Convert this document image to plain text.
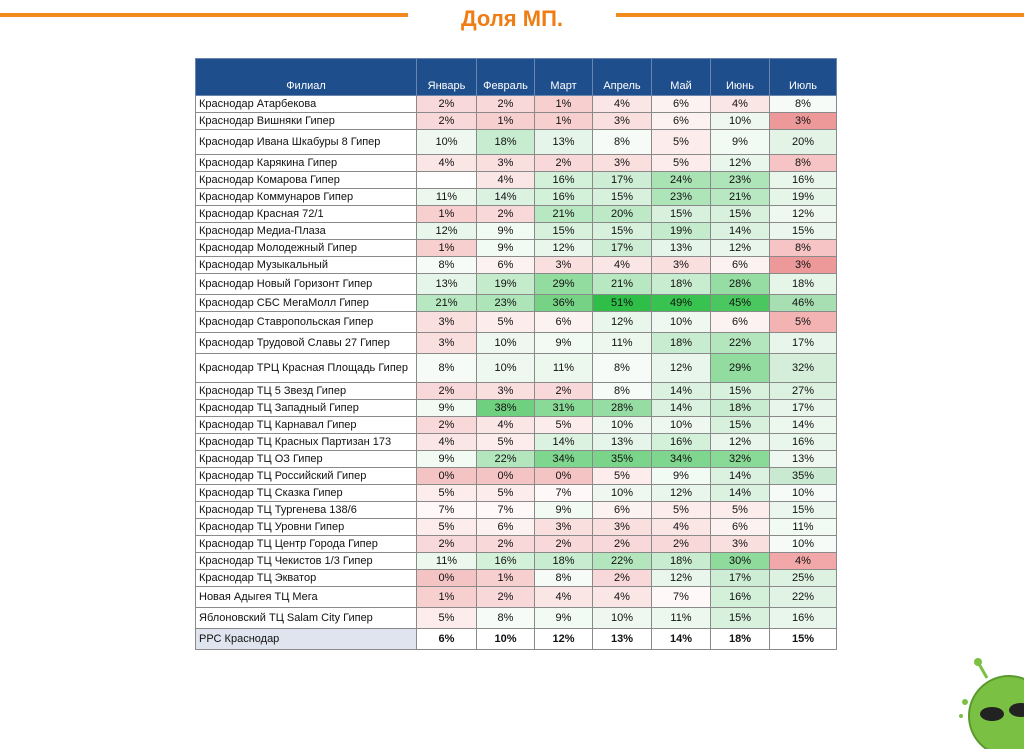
Доля МП.
Филиал	Январь	Февраль	Март	Апрель	Май	Июнь	Июль
Краснодар Атарбекова	2%	2%	1%	4%	6%	4%	8%
Краснодар Вишняки Гипер	2%	1%	1%	3%	6%	10%	3%
Краснодар Ивана Шкабуры 8 Гипер	10%	18%	13%	8%	5%	9%	20%
Краснодар Карякина Гипер	4%	3%	2%	3%	5%	12%	8%
Краснодар Комарова Гипер		4%	16%	17%	24%	23%	16%
Краснодар Коммунаров Гипер	11%	14%	16%	15%	23%	21%	19%
Краснодар Красная 72/1	1%	2%	21%	20%	15%	15%	12%
Краснодар Медиа-Плаза	12%	9%	15%	15%	19%	14%	15%
Краснодар Молодежный Гипер	1%	9%	12%	17%	13%	12%	8%
Краснодар Музыкальный	8%	6%	3%	4%	3%	6%	3%
Краснодар Новый Горизонт Гипер	13%	19%	29%	21%	18%	28%	18%
Краснодар СБС МегаМолл Гипер	21%	23%	36%	51%	49%	45%	46%
Краснодар Ставропольская Гипер	3%	5%	6%	12%	10%	6%	5%
Краснодар Трудовой Славы 27 Гипер	3%	10%	9%	11%	18%	22%	17%
Краснодар ТРЦ Красная Площадь Гипер	8%	10%	11%	8%	12%	29%	32%
Краснодар ТЦ 5 Звезд Гипер	2%	3%	2%	8%	14%	15%	27%
Краснодар ТЦ Западный Гипер	9%	38%	31%	28%	14%	18%	17%
Краснодар ТЦ Карнавал Гипер	2%	4%	5%	10%	10%	15%	14%
Краснодар ТЦ Красных Партизан 173	4%	5%	14%	13%	16%	12%	16%
Краснодар ТЦ ОЗ Гипер	9%	22%	34%	35%	34%	32%	13%
Краснодар ТЦ Российский Гипер	0%	0%	0%	5%	9%	14%	35%
Краснодар ТЦ Сказка Гипер	5%	5%	7%	10%	12%	14%	10%
Краснодар ТЦ Тургенева 138/6	7%	7%	9%	6%	5%	5%	15%
Краснодар ТЦ Уровни Гипер	5%	6%	3%	3%	4%	6%	11%
Краснодар ТЦ Центр Города Гипер	2%	2%	2%	2%	2%	3%	10%
Краснодар ТЦ Чекистов 1/3 Гипер	11%	16%	18%	22%	18%	30%	4%
Краснодар ТЦ Экватор	0%	1%	8%	2%	12%	17%	25%
Новая Адыгея ТЦ Мега	1%	2%	4%	4%	7%	16%	22%
Яблоновский ТЦ Salam City Гипер	5%	8%	9%	10%	11%	15%	16%
РРС Краснодар	6%	10%	12%	13%	14%	18%	15%
